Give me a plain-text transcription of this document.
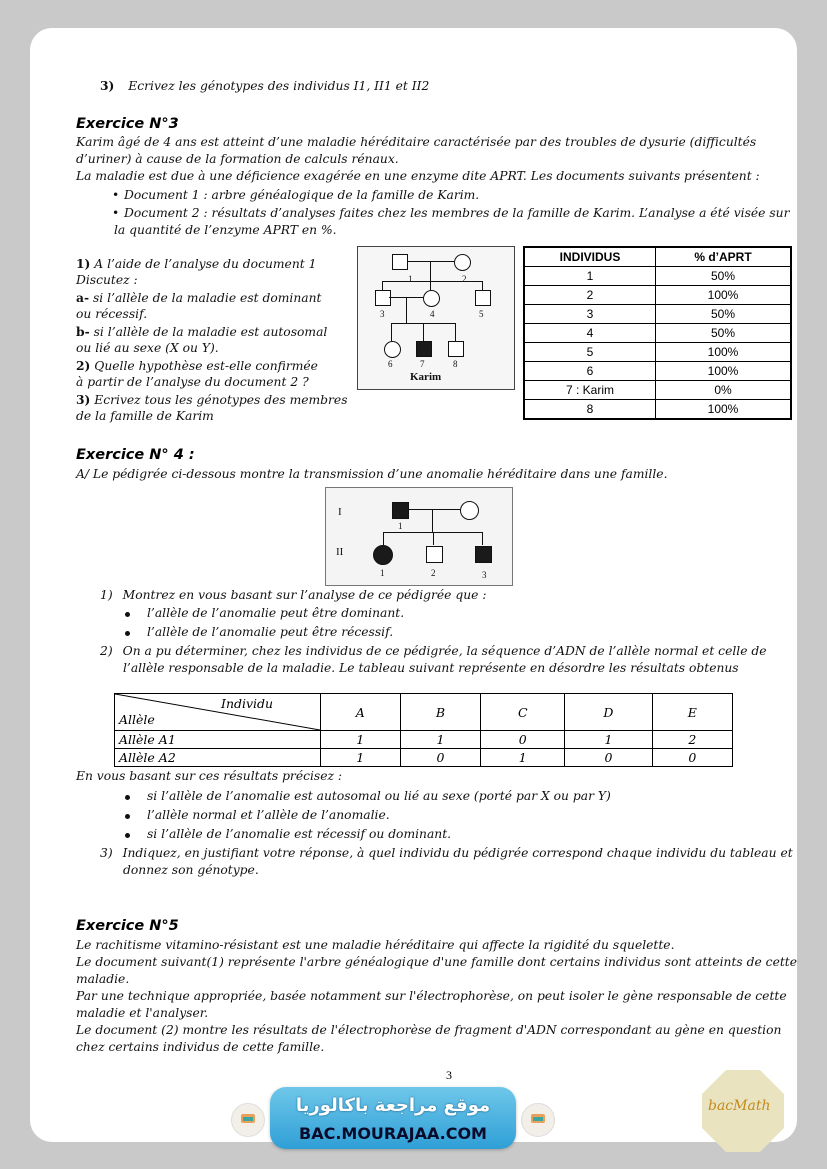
3) Ecrivez les génotypes des individus I1, II1 et II2
Exercice N°3
Karim âgé de 4 ans est atteint d’une maladie héréditaire caractérisée par des troubles de dysurie (difficultés
d’uriner) à cause de la formation de calculs rénaux.
La maladie est due à une déficience exagérée en une enzyme dite APRT. Les documents suivants présentent :
• Document 1 : arbre généalogique de la famille de Karim.
• Document 2 : résultats d’analyses faites chez les membres de la famille de Karim. L’analyse a été visée sur
la quantité de l’enzyme APRT en %.
1) A l’aide de l’analyse du document 1
Discutez :
a- si l’allèle de la maladie est dominant
ou récessif.
b- si l’allèle de la maladie est autosomal
ou lié au sexe (X ou Y).
2) Quelle hypothèse est-elle confirmée
à partir de l’analyse du document 2 ?
3) Ecrivez tous les génotypes des membres
de la famille de Karim
1	2
3	4	5
6	7	8
Karim
INDIVIDUS	% d’APRT
1	50%
2	100%
3	50%
4	50%
5	100%
6	100%
7 : Karim	0%
8	100%
Exercice N° 4 :
A/ Le pédigrée ci-dessous montre la transmission d’une anomalie héréditaire dans une famille.
I
II
1
1	2	3
1) Montrez en vous basant sur l’analyse de ce pédigrée que :
l’allèle de l’anomalie peut être dominant.
l’allèle de l’anomalie peut être récessif.
2) On a pu déterminer, chez les individus de ce pédigrée, la séquence d’ADN de l’allèle normal et celle de
l’allèle responsable de la maladie. Le tableau suivant représente en désordre les résultats obtenus
Individu
Allèle	A	B	C	D	E
Allèle A1	1	1	0	1	2
Allèle A2	1	0	1	0	0
En vous basant sur ces résultats précisez :
si l’allèle de l’anomalie est autosomal ou lié au sexe (porté par X ou par Y)
l’allèle normal et l’allèle de l’anomalie.
si l’allèle de l’anomalie est récessif ou dominant.
3) Indiquez, en justifiant votre réponse, à quel individu du pédigrée correspond chaque individu du tableau et
donnez son génotype.
Exercice N°5
Le rachitisme vitamino-résistant est une maladie héréditaire qui affecte la rigidité du squelette.
Le document suivant(1) représente l'arbre généalogique d'une famille dont certains individus sont atteints de cette
maladie.
Par une technique appropriée, basée notamment sur l'électrophorèse, on peut isoler le gène responsable de cette
maladie et l'analyser.
Le document (2) montre les résultats de l'électrophorèse de fragment d'ADN correspondant au gène en question
chez certains individus de cette famille.
3
موقع مراجعة باكالوريا
BAC.MOURAJAA.COM
bacMath
